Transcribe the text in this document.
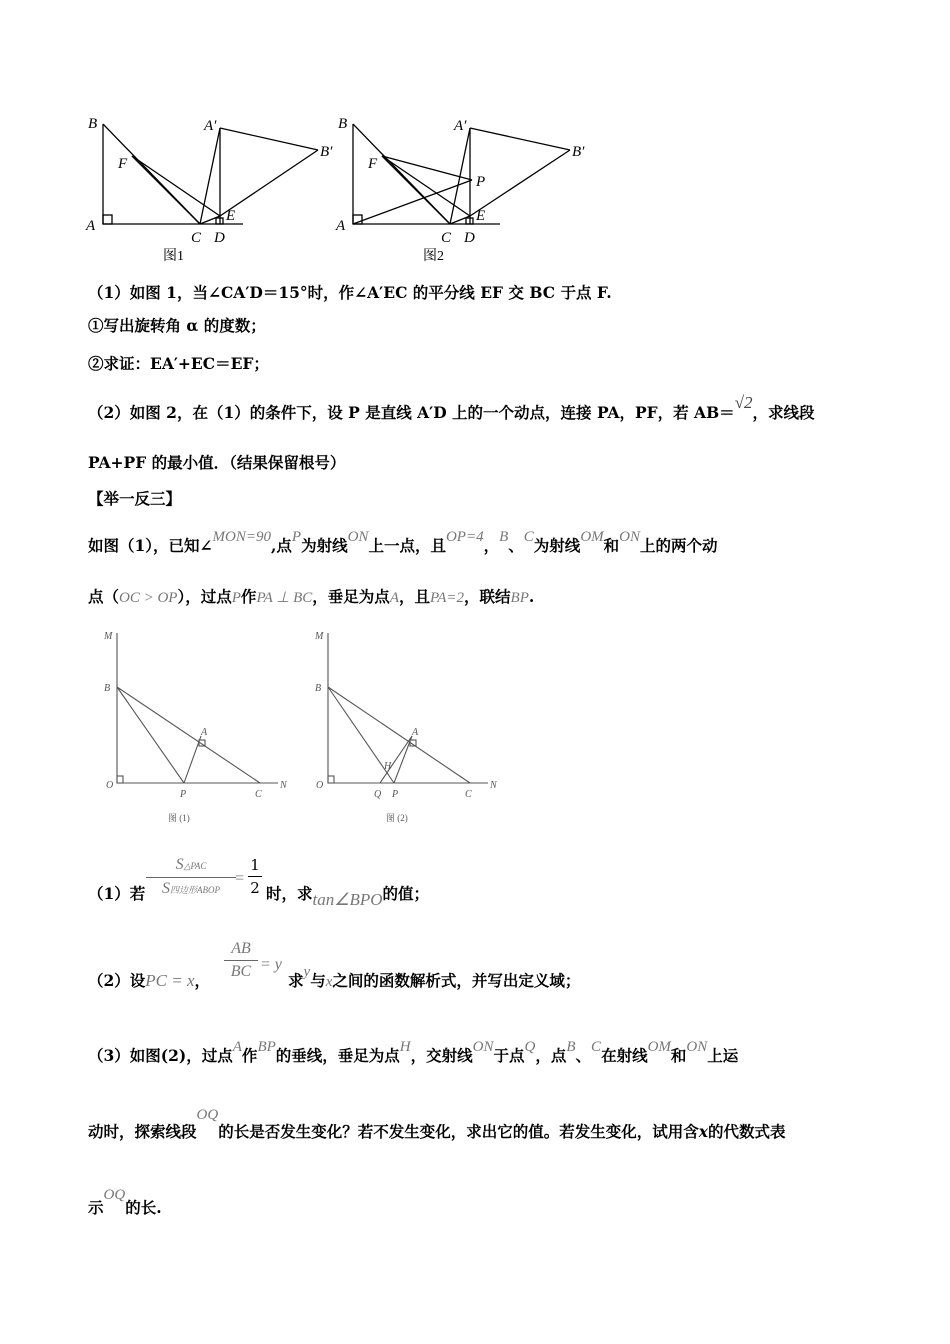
B
F
A
C D
E
A′
B′
图1
B
F
A
C D
E
P
A′
B′
图2
（1）如图 1，当∠CA′D＝15°时，作∠A′EC 的平分线 EF 交 BC 于点 F.
①写出旋转角 α 的度数；
②求证：EA′+EC＝EF；
（2）如图 2，在（1）的条件下，设 P 是直线 A′D 上的一个动点，连接 PA，PF，若 AB＝√2，求线段
PA+PF 的最小值．（结果保留根号）
【举一反三】
如图（1），已知∠MON=90,点P为射线ON上一点，且OP=4，B、C为射线OM和ON上的两个动
点（OC > OP），过点P作PA ⊥ BC，垂足为点A，且PA=2，联结BP.
M
B
A
O
P	C
N
图 (1)
M
B
A
H
O
Q P	C
N
图 (2)
（1）若
S△PAC
S四边形ABOP
=
1
2 时，求tan∠BPO的值；
（2）设PC = x，
AB
BC = y
求y与x之间的函数解析式，并写出定义域；
（3）如图(2)，过点A作BP的垂线，垂足为点H，交射线ON于点Q，点B、C在射线OM和ON上运
动时，探索线段OQ的长是否发生变化？若不发生变化，求出它的值。若发生变化，试用含x的代数式表
示OQ的长.
